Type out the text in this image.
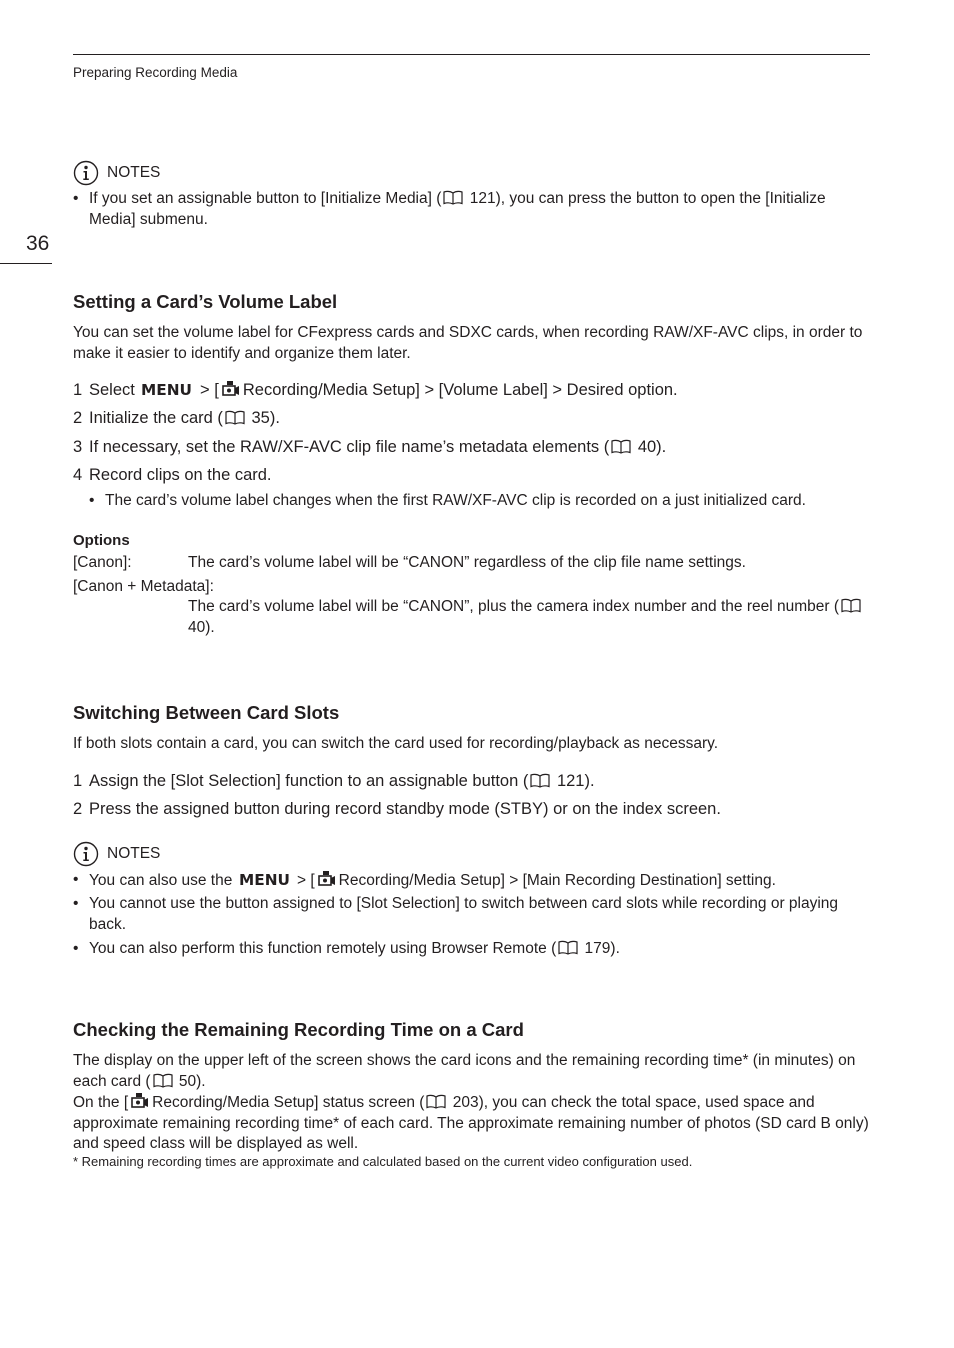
Preparing Recording Media
36
NOTES
• If you set an assignable button to [Initialize Media] ( 121), you can press the button to open the [Initialize Media] submenu.
Setting a Card’s Volume Label
You can set the volume label for CFexpress cards and SDXC cards, when recording RAW/XF-AVC clips, in order to make it easier to identify and organize them later.
1 Select MENU > [ Recording/Media Setup] > [Volume Label] > Desired option.
2 Initialize the card ( 35).
3 If necessary, set the RAW/XF-AVC clip file name’s metadata elements ( 40).
4 Record clips on the card.
• The card’s volume label changes when the first RAW/XF-AVC clip is recorded on a just initialized card.
Options
[Canon]:	The card’s volume label will be “CANON” regardless of the clip file name settings.
[Canon + Metadata]:
The card’s volume label will be “CANON”, plus the camera index number and the reel number ( 40).
Switching Between Card Slots
If both slots contain a card, you can switch the card used for recording/playback as necessary.
1 Assign the [Slot Selection] function to an assignable button ( 121).
2 Press the assigned button during record standby mode (STBY) or on the index screen.
NOTES
• You can also use the MENU > [ Recording/Media Setup] > [Main Recording Destination] setting.
• You cannot use the button assigned to [Slot Selection] to switch between card slots while recording or playing back.
• You can also perform this function remotely using Browser Remote ( 179).
Checking the Remaining Recording Time on a Card
The display on the upper left of the screen shows the card icons and the remaining recording time* (in minutes) on each card ( 50).
On the [ Recording/Media Setup] status screen ( 203), you can check the total space, used space and approximate remaining recording time* of each card. The approximate remaining number of photos (SD card B only) and speed class will be displayed as well.
* Remaining recording times are approximate and calculated based on the current video configuration used.
